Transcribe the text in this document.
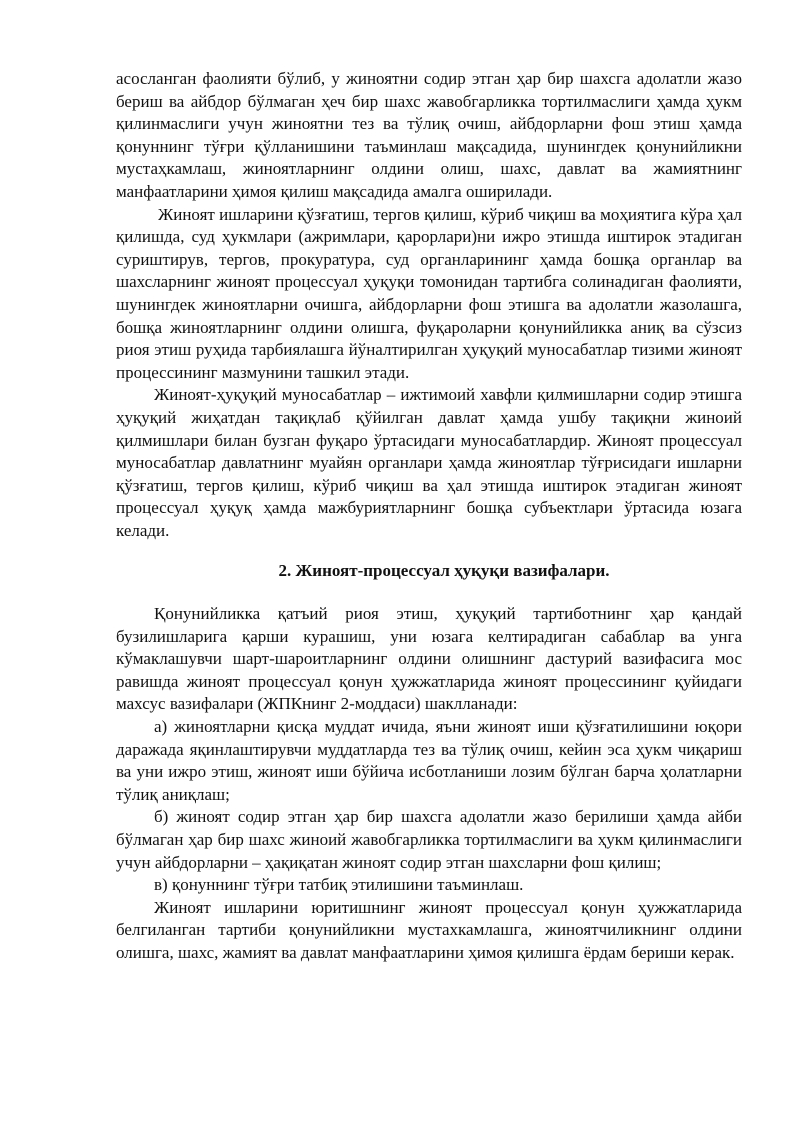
асосланган фаолияти бўлиб, у жиноятни содир этган ҳар бир шахсга адолатли жазо бериш ва айбдор бўлмаган ҳеч бир шахс жавобгарликка тортилмаслиги ҳамда ҳукм қилинмаслиги учун жиноятни тез ва тўлиқ очиш, айбдорларни фош этиш ҳамда қонуннинг тўғри қўлланишини таъминлаш мақсадида, шунингдек қонунийликни мустаҳкамлаш, жиноятларнинг олдини олиш, шахс, давлат ва жамиятнинг манфаатларини ҳимоя қилиш мақсадида амалга оширилади.

Жиноят ишларини қўзғатиш, тергов қилиш, кўриб чиқиш ва моҳиятига кўра ҳал қилишда, суд ҳукмлари (ажримлари, қарорлари)ни ижро этишда иштирок этадиган суриштирув, тергов, прокуратура, суд органларининг ҳамда бошқа органлар ва шахсларнинг жиноят процессуал ҳуқуқи томонидан тартибга солинадиган фаолияти, шунингдек жиноятларни очишга, айбдорларни фош этишга ва адолатли жазолашга, бошқа жиноятларнинг олдини олишга, фуқароларни қонунийликка аниқ ва сўзсиз риоя этиш руҳида тарбиялашга йўналтирилган ҳуқуқий муносабатлар тизими жиноят процессининг мазмунини ташкил этади.

Жиноят-ҳуқуқий муносабатлар – ижтимоий хавфли қилмишларни содир этишга ҳуқуқий жиҳатдан тақиқлаб қўйилган давлат ҳамда ушбу тақиқни жиноий қилмишлари билан бузган фуқаро ўртасидаги муносабатлардир. Жиноят процессуал муносабатлар давлатнинг муайян органлари ҳамда жиноятлар тўғрисидаги ишларни қўзғатиш, тергов қилиш, кўриб чиқиш ва ҳал этишда иштирок этадиган жиноят процессуал ҳуқуқ ҳамда мажбуриятларнинг бошқа субъектлари ўртасида юзага келади.

2. Жиноят-процессуал ҳуқуқи вазифалари.

Қонунийликка қатъий риоя этиш, ҳуқуқий тартиботнинг ҳар қандай бузилишларига қарши курашиш, уни юзага келтирадиган сабаблар ва унга кўмаклашувчи шарт-шароитларнинг олдини олишнинг дастурий вазифасига мос равишда жиноят процессуал қонун ҳужжатларида жиноят процессининг қуйидаги махсус вазифалари (ЖПКнинг 2-моддаси) шаклланади:

а) жиноятларни қисқа муддат ичида, яъни жиноят иши қўзғатилишини юқори даражада яқинлаштирувчи муддатларда тез ва тўлиқ очиш, кейин эса ҳукм чиқариш ва уни ижро этиш, жиноят иши бўйича исботланиши лозим бўлган барча ҳолатларни тўлиқ аниқлаш;

б) жиноят содир этган ҳар бир шахсга адолатли жазо берилиши ҳамда айби бўлмаган ҳар бир шахс жиноий жавобгарликка тортилмаслиги ва ҳукм қилинмаслиги учун айбдорларни – ҳақиқатан жиноят содир этган шахсларни фош қилиш;

в) қонуннинг тўғри татбиқ этилишини таъминлаш.

Жиноят ишларини юритишнинг жиноят процессуал қонун ҳужжатларида белгиланган тартиби қонунийликни мустахкамлашга, жиноятчиликнинг олдини олишга, шахс, жамият ва давлат манфаатларини ҳимоя қилишга ёрдам бериши керак.
